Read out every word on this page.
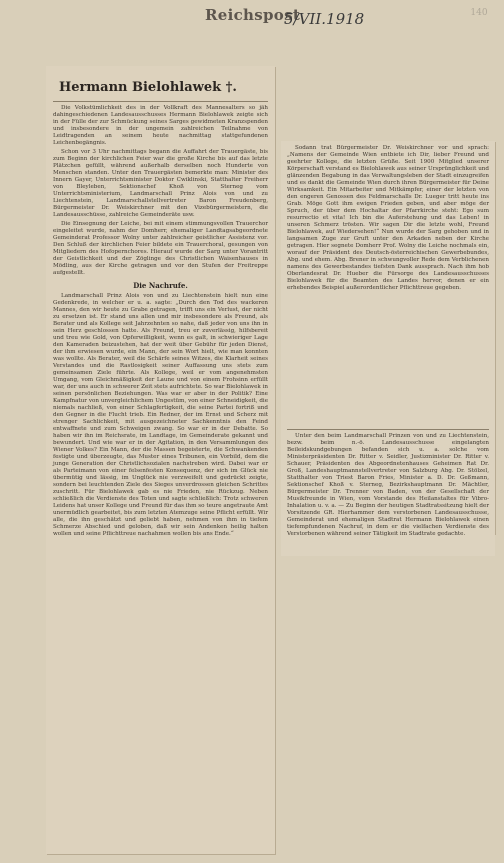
Reichspost
5/VII.1918	140
Hermann Bielohlawek †.

Die Volkstümlichkeit des in der Vollkraft des Mannesalters so jäh dahingeschiedenen Landesausschusses Hermann Bielohlawek zeigte sich in der Fülle der zur Schmückung seines Sarges gewidmeten Kranzspenden und insbesondere in der ungemein zahlreichen Teilnahme von Leidtragenden an seinem heute nachmittag stattgefundenen Leichenbegängnis.

Schon vor 3 Uhr nachmittags begann die Auffahrt der Trauergäste, bis zum Beginn der kirchlichen Feier war die große Kirche bis auf das letzte Plätzchen gefüllt, während außerhalb derselben noch Hunderte von Menschen standen. Unter den Trauergästen bemerkte man: Minister des Innern Gayer, Unterrichtsminister Doktor Cwiklinski, Statthalter Freiherr von Bleyleben, Sektionschef Khoß von Sterneg vom Unterrichtsministerium, Landmarschall Prinz Alois von und zu Liechtenstein, Landmarschallstellvertreter Baron Freudenberg, Bürgermeister Dr. Weiskirchner mit den Vizebürgermeistern, die Landesausschüsse, zahlreiche Gemeinderäte usw.

Die Einsegnung der Leiche, bei mit einem stimmungsvollen Trauerchor eingeleitet wurde, nahm der Domherr, ehemaliger Landtagsabgeordnete Gemeinderat Professor Wolny unter zahlreicher geistlicher Assistenz vor. Den Schluß der kirchlichen Feier bildete ein Trauerchoral, gesungen von Mitgliedern des Hofopernchores. Hierauf wurde der Sarg unter Vorantritt der Geistlichkeit und der Zöglinge des Christlichen Waisenhauses in Mödling, aus der Kirche getragen und vor den Stufen der Freitreppe aufgestellt.

Die Nachrufe.

Landmarschall Prinz Alois von und zu Liechtenstein hielt nun eine Gedenkrede, in welcher er u. a. sagte: „Durch den Tod des wackeren Mannes, den wir heute zu Grabe getragen, trifft uns ein Verlust, der nicht zu ersetzen ist. Er stand uns allen und mir insbesondere als Freund, als Berater und als Kollege seit Jahrzehnten so nahe, daß jeder von uns ihn in sein Herz geschlossen hatte. Als Freund, treu er zuverlässig, hilfsbereit und treu wie Gold, von Opferwilligkeit, wenn es galt, in schwieriger Lage den Kameraden beizustehen, hat der weit über Gebühr für jeden Dienst, der ihm erwiesen wurde, ein Mann, der sein Wort hielt, wie man konnten was wollte. Als Berater, weil die Schärfe seines Witzes, die Klarheit seines Verstandes und die Rastlosigkeit seiner Auffassung uns stets zum gemeinsamen Ziele führte. Als Kollege, weil er vom angenehmsten Umgang, vom Gleichmäßigkeit der Laune und von einem Frohsinn erfüllt war, der uns auch in schwerer Zeit stets aufrichtete. So war Bielohlawek in seinen persönlichen Beziehungen. Was war er aber in der Politik? Eine Kampfnatur von unvergleichlichem Ungestüm, von einer Schneidigkeit, die niemals nachließ, von einer Schlagfertigkeit, die seine Partei fortriß und den Gegner in die Flucht trieb. Ein Redner, der im Ernst und Scherz mit strenger Sachlichkeit, mit ausgezeichneter Sachkenntnis den Feind entwaffnete und zum Schweigen zwang. So war er in der Debatte. So haben wir ihn im Reichsrate, im Landtage, im Gemeinderate gekannt und bewundert. Und wie war er in der Agitation, in den Versammlungen des Wiener Volkes? Ein Mann, der die Massen begeisterte, die Schwankenden festigte und überzeugte, das Muster eines Tribunen, ein Vorbild, dem die junge Generation der Christlichsozialen nachstreben wird. Dabei war er als Parteimann von einer felsenfesten Konsequenz, der sich im Glück nie übermütig und lässig, im Unglück nie verzweifelt und gedrückt zeigte, sondern bei leuchtenden Ziele des Sieges unverdrossen gleichen Schrittes zuschritt. Für Bielohlawek gab es nie Frieden, nie Rückzug. Neben schließlich die Verdienste des Toten und sagte schließlich: Trotz schweren Leidens hat unser Kollege und Freund für das ihm so teure angetraute Amt unermüdlich gearbeitet, bis zum letzten Atemzuge seine Pflicht erfüllt. Wir alle, die ihn geschätzt und geliebt haben, nehmen von ihm in tiefem Schmerze Abschied und geloben, daß wir sein Andenken heilig halten wollen und seine Pflichttreue nachahmen wollen bis ans Ende.“

Sodann trat Bürgermeister Dr. Weiskirchner vor und sprach: „Namens der Gemeinde Wien entbiete ich Dir, lieber Freund und geehrter Kollege, die letzten Grüße. Seit 1900 Mitglied unserer Körperschaft verstand es Bielohlawek aus seiner Ursprünglichkeit und glänzenden Begabung in das Verwaltungsleben der Stadt einzugreifen und es dankt die Gemeinde Wien durch ihren Bürgermeister für Deine Wirksamkeit. Ein Mitarbeiter und Mitkämpfer, einer der letzten von den engeren Genossen des Feldmarschalls Dr. Lueger tritt heute ins Grab. Möge Gott ihm ewigen Frieden geben, und aber möge der Spruch, der über dem Hochaltar der Pfarrkirche steht: Ego sum resurrectio et vita! Ich bin die Auferstehung und das Leben! in unseren Schmerz trösten. Wir sagen Dir die letzte wohl, Freund Bielohlawek, auf Wiedersehen!“ Nun wurde der Sarg gehoben und in langsamen Zuge zur Gruft unter den Arkaden neben der Kirche getragen. Hier segnete Domherr Prof. Wolny die Leiche nochmals ein, worauf der Präsident des Deutsch-österreichischen Gewerbebundes, Abg. und ehem. Abg. Brener in schwungvoller Rede dem Verblichenen namens des Gewerbestandes tiefsten Dank aussprach. Nach ihm hob Oberlandesrat Dr. Hueber die Fürsorge des Landesausschusses Bielohlawek für die Beamten des Landes hervor, denen er ein erhebendes Beispiel außerordentlicher Pflichttreue gegeben.

Unter den beim Landmarschall Prinzen von und zu Liechtenstein, bezw. beim n.-ö. Landesausschusse eingelangten Beileidskundgebungen befanden sich u. a. solche vom Ministerpräsidenten Dr. Ritter v. Seidler, Justizminister Dr. Ritter v. Schauer, Präsidenten des Abgeordnetenhauses Geheimen Rat Dr. Groß, Landeshauptmannstellvertreter von Salzburg Abg. Dr. Stölzel, Statthalter von Triest Baron Fries, Minister a. D. Dr. Geßmann, Sektionschef Khoß v. Sterneg, Bezirkshauptmann Dr. Mächtler, Bürgermeister Dr. Trenner von Baden, von der Gesellschaft der Musikfreunde in Wien, vom Vorstande des Heilanstaltes für Vibro-Inhalation u. v. a. — Zu Beginn der heutigen Stadtratssitzung hielt der Vorsitzende GR. Hierhammer dem verstorbenen Landesausschusse, Gemeinderat und ehemaligen Stadtrat Hermann Bielohlawek einen tiefempfundenen Nachruf, in dem er die vielfachen Verdienste des Verstorbenen während seiner Tätigkeit im Stadtrate gedachte.
